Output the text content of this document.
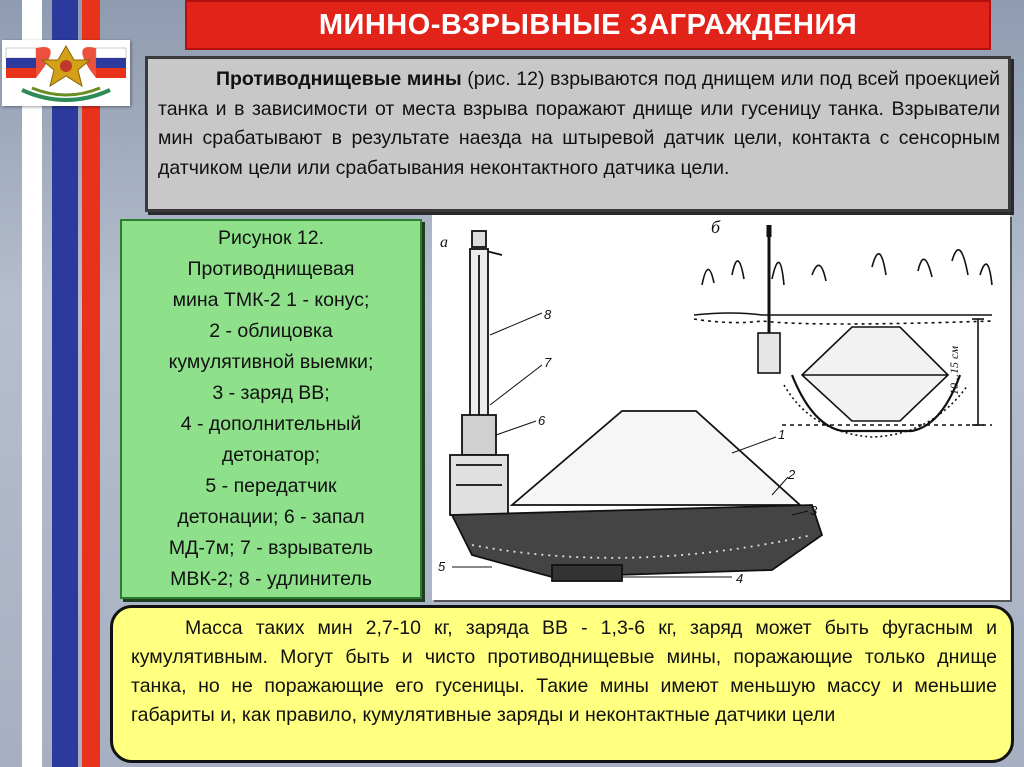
МИННО-ВЗРЫВНЫЕ ЗАГРАЖДЕНИЯ
Противоднищевые мины (рис. 12) взрываются под днищем или под всей проекцией танка и в зависимости от места взрыва поражают днище или гусеницу танка. Взрыватели мин срабатывают в результате наезда на штыревой датчик цели, контакта с сенсорным датчиком цели или срабатывания неконтактного датчика цели.
Рисунок 12.
Противоднищевая
мина ТМК-2 1 - конус;
2 - облицовка
кумулятивной выемки;
3 - заряд ВВ;
4 - дополнительный
детонатор;
5 - передатчик
детонации; 6 - запал
МД-7м; 7 - взрыватель
МВК-2; 8 - удлинитель
б
10...15 см
а
8
7
6
1
2
3
5
4
Масса таких мин 2,7-10 кг, заряда ВВ - 1,3-6 кг, заряд может быть фугасным и кумулятивным. Могут быть и чисто противоднищевые мины, поражающие только днище танка, но не поражающие его гусеницы. Такие мины имеют меньшую массу и меньшие габариты и, как правило, кумулятивные заряды и неконтактные датчики цели
